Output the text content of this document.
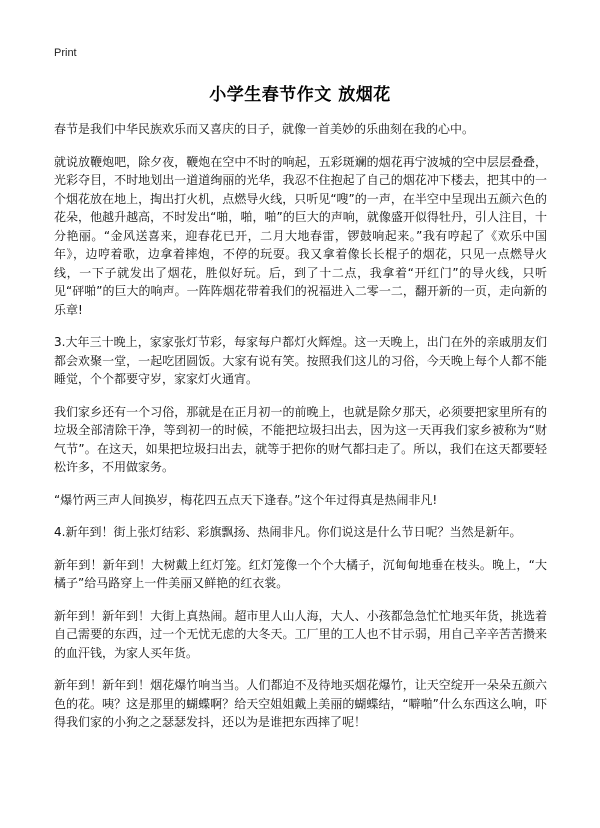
Print
小学生春节作文 放烟花

春节是我们中华民族欢乐而又喜庆的日子，就像一首美妙的乐曲刻在我的心中。

就说放鞭炮吧，除夕夜，鞭炮在空中不时的响起，五彩斑斓的烟花再宁波城的空中层层叠叠，光彩夺目，不时地划出一道道绚丽的光华，我忍不住抱起了自己的烟花冲下楼去，把其中的一个烟花放在地上，掏出打火机，点燃导火线，只听见“嗖”的一声，在半空中呈现出五颜六色的花朵，他越升越高，不时发出“啪，啪，啪”的巨大的声响，就像盛开似得牡丹，引人注目，十分艳丽。“金风送喜来，迎春花已开，二月大地春雷，锣鼓响起来。”我有哼起了《欢乐中国年》，边哼着歌，边拿着摔炮，不停的玩耍。我又拿着像长长棍子的烟花，只见一点燃导火线，一下子就发出了烟花，胜似好玩。后，到了十二点，我拿着“开红门”的导火线，只听见“砰啪”的巨大的响声。一阵阵烟花带着我们的祝福进入二零一二，翻开新的一页，走向新的乐章!

3.大年三十晚上，家家张灯节彩，每家每户都灯火辉煌。这一天晚上，出门在外的亲戚朋友们都会欢聚一堂，一起吃团圆饭。大家有说有笑。按照我们这儿的习俗，今天晚上每个人都不能睡觉，个个都要守岁，家家灯火通宵。

我们家乡还有一个习俗，那就是在正月初一的前晚上，也就是除夕那天，必须要把家里所有的垃圾全部清除干净，等到初一的时候，不能把垃圾扫出去，因为这一天再我们家乡被称为“财气节”。在这天，如果把垃圾扫出去，就等于把你的财气都扫走了。所以，我们在这天都要轻松许多，不用做家务。

“爆竹两三声人间换岁，梅花四五点天下逢春。”这个年过得真是热闹非凡!

4.新年到！街上张灯结彩、彩旗飘扬、热闹非凡。你们说这是什么节日呢？当然是新年。

新年到！新年到！大树戴上红灯笼。红灯笼像一个个大橘子，沉甸甸地垂在枝头。晚上，“大橘子”给马路穿上一件美丽又鲜艳的红衣裳。

新年到！新年到！大街上真热闹。超市里人山人海，大人、小孩都急急忙忙地买年货，挑选着自己需要的东西，过一个无忧无虑的大冬天。工厂里的工人也不甘示弱，用自己辛辛苦苦攒来的血汗钱，为家人买年货。

新年到！新年到！烟花爆竹响当当。人们都迫不及待地买烟花爆竹，让天空绽开一朵朵五颜六色的花。咦？这是那里的蝴蝶啊？给天空姐姐戴上美丽的蝴蝶结，“噼啪”什么东西这么响，吓得我们家的小狗之之瑟瑟发抖，还以为是谁把东西摔了呢！
